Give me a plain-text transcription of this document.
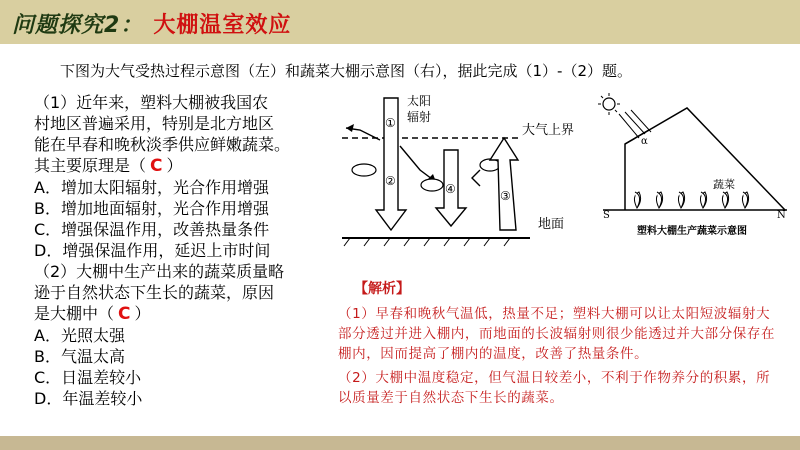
问题探究2： 大棚温室效应
下图为大气受热过程示意图（左）和蔬菜大棚示意图（右），据此完成（1）-（2）题。

（1）近年来，塑料大棚被我国农

村地区普遍采用，特别是北方地区

能在早春和晚秋淡季供应鲜嫩蔬菜。

其主要原理是（ C ）

A．增加太阳辐射，光合作用增强

B．增加地面辐射，光合作用增强

C．增强保温作用，改善热量条件

D．增强保温作用，延迟上市时间

（2）大棚中生产出来的蔬菜质量略

逊于自然状态下生长的蔬菜，原因

是大棚中（ C ）

A．光照太强

B．气温太高

C．日温差较小

D．年温差较小

大气上界
太阳
辐射
①
②
④	③
地面
α
S	N
蔬菜
塑料大棚生产蔬菜示意图
【解析】

（1）早春和晚秋气温低，热量不足；塑料大棚可以让太阳短波辐射大部分透过并进入棚内，而地面的长波辐射则很少能透过并大部分保存在棚内，因而提高了棚内的温度，改善了热量条件。

（2）大棚中温度稳定，但气温日较差小，不利于作物养分的积累，所以质量差于自然状态下生长的蔬菜。
